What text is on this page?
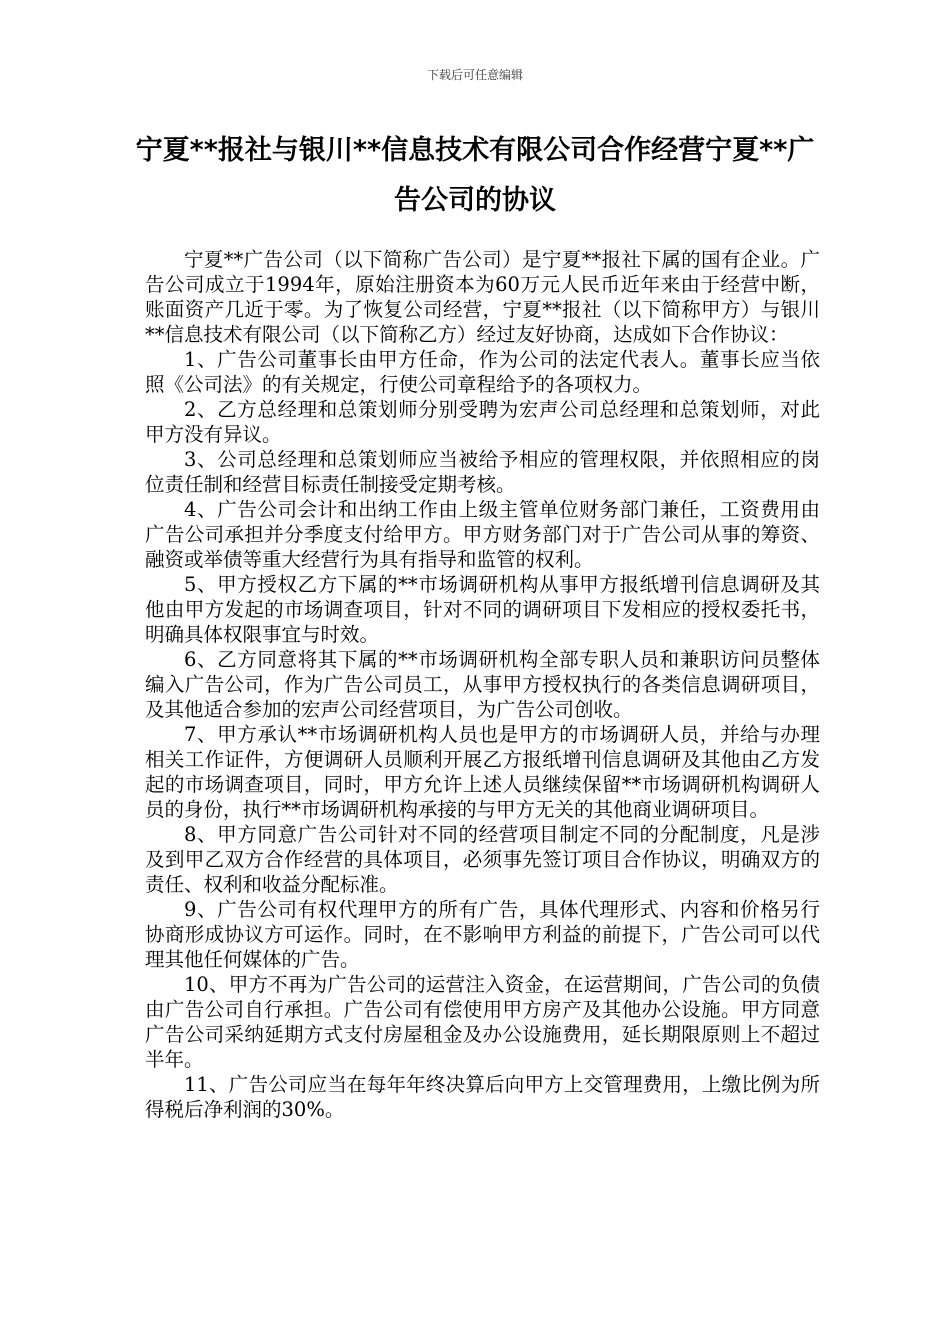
下载后可任意编辑
宁夏**报社与银川**信息技术有限公司合作经营宁夏**广告公司的协议

宁夏**广告公司（以下简称广告公司）是宁夏**报社下属的国有企业。广告公司成立于1994年，原始注册资本为60万元人民币近年来由于经营中断，账面资产几近于零。为了恢复公司经营，宁夏**报社（以下简称甲方）与银川**信息技术有限公司（以下简称乙方）经过友好协商，达成如下合作协议：

1、广告公司董事长由甲方任命，作为公司的法定代表人。董事长应当依照《公司法》的有关规定，行使公司章程给予的各项权力。

2、乙方总经理和总策划师分别受聘为宏声公司总经理和总策划师，对此甲方没有异议。

3、公司总经理和总策划师应当被给予相应的管理权限，并依照相应的岗位责任制和经营目标责任制接受定期考核。

4、广告公司会计和出纳工作由上级主管单位财务部门兼任，工资费用由广告公司承担并分季度支付给甲方。甲方财务部门对于广告公司从事的筹资、融资或举债等重大经营行为具有指导和监管的权利。

5、甲方授权乙方下属的**市场调研机构从事甲方报纸增刊信息调研及其他由甲方发起的市场调查项目，针对不同的调研项目下发相应的授权委托书，明确具体权限事宜与时效。

6、乙方同意将其下属的**市场调研机构全部专职人员和兼职访问员整体编入广告公司，作为广告公司员工，从事甲方授权执行的各类信息调研项目，及其他适合参加的宏声公司经营项目，为广告公司创收。

7、甲方承认**市场调研机构人员也是甲方的市场调研人员，并给与办理相关工作证件，方便调研人员顺利开展乙方报纸增刊信息调研及其他由乙方发起的市场调查项目，同时，甲方允许上述人员继续保留**市场调研机构调研人员的身份，执行**市场调研机构承接的与甲方无关的其他商业调研项目。

8、甲方同意广告公司针对不同的经营项目制定不同的分配制度，凡是涉及到甲乙双方合作经营的具体项目，必须事先签订项目合作协议，明确双方的责任、权利和收益分配标准。

9、广告公司有权代理甲方的所有广告，具体代理形式、内容和价格另行协商形成协议方可运作。同时，在不影响甲方利益的前提下，广告公司可以代理其他任何媒体的广告。

10、甲方不再为广告公司的运营注入资金，在运营期间，广告公司的负债由广告公司自行承担。广告公司有偿使用甲方房产及其他办公设施。甲方同意广告公司采纳延期方式支付房屋租金及办公设施费用，延长期限原则上不超过半年。

11、广告公司应当在每年年终决算后向甲方上交管理费用，上缴比例为所得税后净利润的30%。
